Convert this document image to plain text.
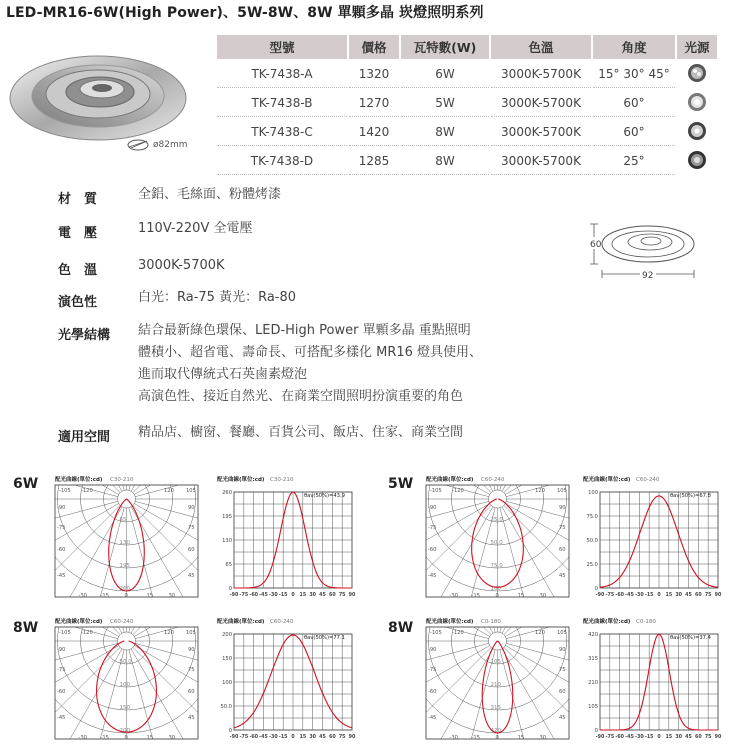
LED-MR16-6W(High Power)、5W-8W、8W 單顆多晶 崁燈照明系列
ø82mm
型號	價格	瓦特數(W)	色溫	角度	光源
TK-7438-A	1320	6W	3000K-5700K	15° 30° 45°	
TK-7438-B	1270	5W	3000K-5700K	60°	
TK-7438-C	1420	8W	3000K-5700K	60°	
TK-7438-D	1285	8W	3000K-5700K	25°	
材　質	全鋁、毛絲面、粉體烤漆
電　壓	110V-220V 全電壓
色　溫	3000K-5700K
演色性	白光：Ra-75 黃光：Ra-80
光學結構 結合最新綠色環保、LED-High Power 單顆多晶 重點照明
體積小、超省電、壽命長、可搭配多樣化 MR16 燈具使用、
進而取代傳統式石英鹵素燈泡
高演色性、接近自然光、在商業空間照明扮演重要的角色
適用空間 精品店、櫥窗、餐廳、百貨公司、飯店、住家、商業空間
60
92
6W	5W
8W	8W
配光曲線(單位:cd) C30-210
65
130
195
260
-105 -120	120 105
-90
-75
-60
-45
90
75
60
45
-30	-15	0	15	30
配光曲線(單位:cd) C30-210
θav(50%)=43.9
260
195
130
65
0
-90 -75 -60 -45 -30 -15 0 15 30 45 60 75 90
配光曲線(單位:cd) C60-240
25.0
50.0
75.0
100
-105 -120	120 105
-90
-75
-60
-45
90
75
60
45
-30	-15	0	15	30
配光曲線(單位:cd) C60-240
θav(50%)=67.8
100
75.0
50.0
25.0
0
-90 -75 -60 -45 -30 -15 0 15 30 45 60 75 90
配光曲線(單位:cd) C60-240
50.0
100
150
200
-105 -120	120 105
-90
-75
-60
-45
90
75
60
45
-30	-15	0	15	30
配光曲線(單位:cd) C60-240
θav(50%)=77.1
200
150
100
50.0
0
-90 -75 -60 -45 -30 -15 0 15 30 45 60 75 90
配光曲線(單位:cd) C0-180
105
210
315
420
-105 -120	120 105
-90
-75
-60
-45
90
75
60
45
-30	-15	0	15	30
配光曲線(單位:cd) C0-180
θav(50%)=37.4
420
315
210
105
0
-90 -75 -60 -45 -30 -15 0 15 30 45 60 75 90
